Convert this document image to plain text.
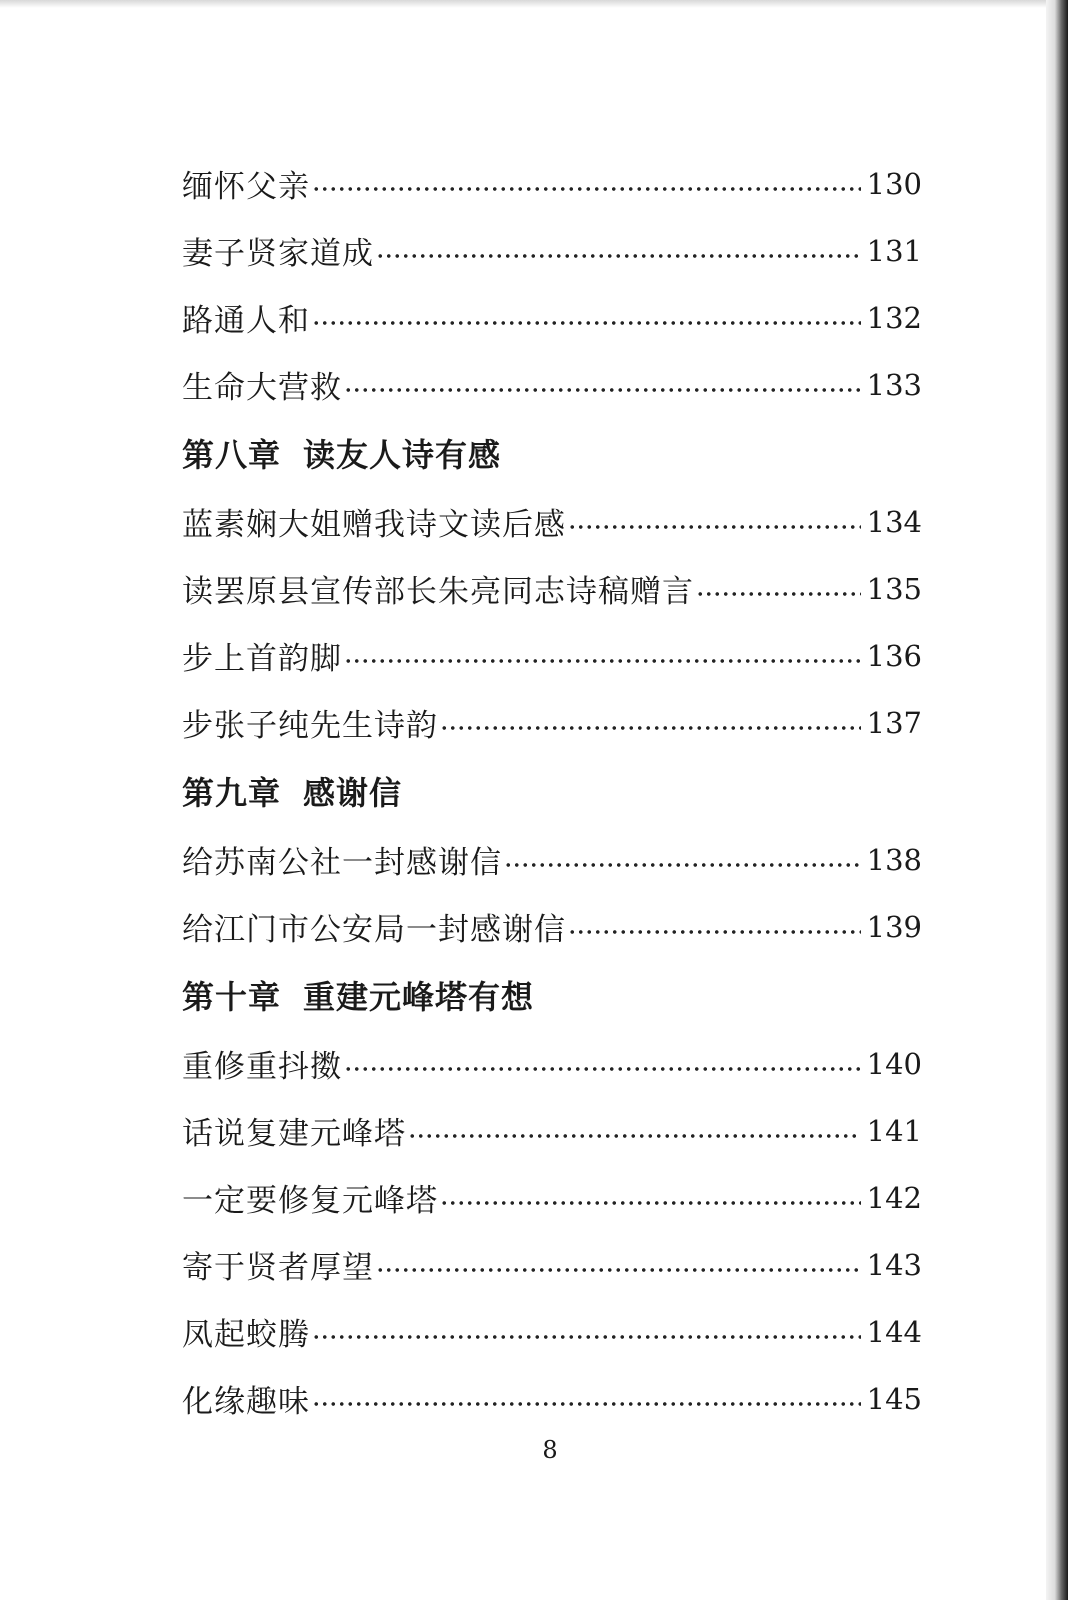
缅怀父亲	130
妻子贤家道成	131
路通人和	132
生命大营救	133
第八章 读友人诗有感
蓝素娴大姐赠我诗文读后感	134
读罢原县宣传部长朱亮同志诗稿赠言	135
步上首韵脚	136
步张子纯先生诗韵	137
第九章 感谢信
给苏南公社一封感谢信	138
给江门市公安局一封感谢信	139
第十章 重建元峰塔有想
重修重抖擞	140
话说复建元峰塔	141
一定要修复元峰塔	142
寄于贤者厚望	143
凤起蛟腾	144
化缘趣味	145
8
